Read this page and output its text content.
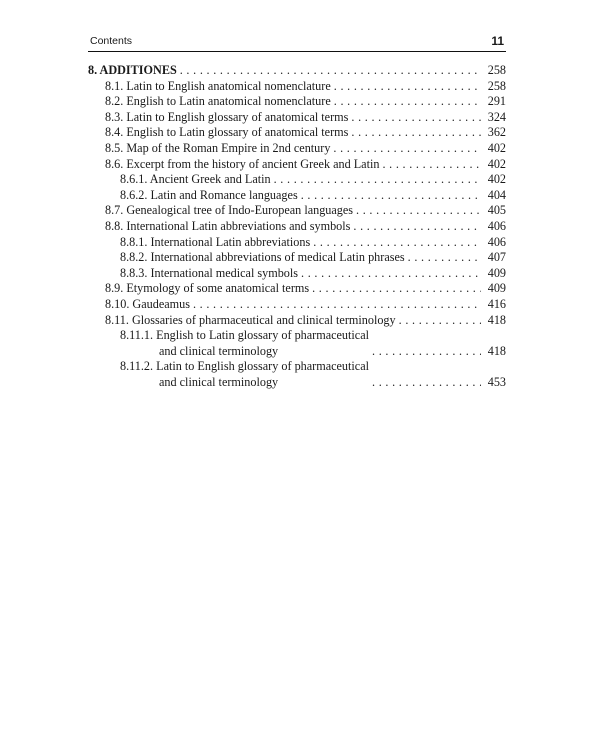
Contents	11
8. ADDITIONES . . .	258
8.1. Latin to English anatomical nomenclature . . .	258
8.2. English to Latin anatomical nomenclature . . .	291
8.3. Latin to English glossary of anatomical terms . . .	324
8.4. English to Latin glossary of anatomical terms . . .	362
8.5. Map of the Roman Empire in 2nd century . . .	402
8.6. Excerpt from the history of ancient Greek and Latin . . .	402
8.6.1. Ancient Greek and Latin . . .	402
8.6.2. Latin and Romance languages . . .	404
8.7. Genealogical tree of Indo-European languages . . .	405
8.8. International Latin abbreviations and symbols . . .	406
8.8.1. International Latin abbreviations . . .	406
8.8.2. International abbreviations of medical Latin phrases . . .	407
8.8.3. International medical symbols . . .	409
8.9. Etymology of some anatomical terms . . .	409
8.10. Gaudeamus . . .	416
8.11. Glossaries of pharmaceutical and clinical terminology . . .	418
8.11.1. English to Latin glossary of pharmaceutical
and clinical terminology . . .	418
8.11.2. Latin to English glossary of pharmaceutical
and clinical terminology . . .	453
